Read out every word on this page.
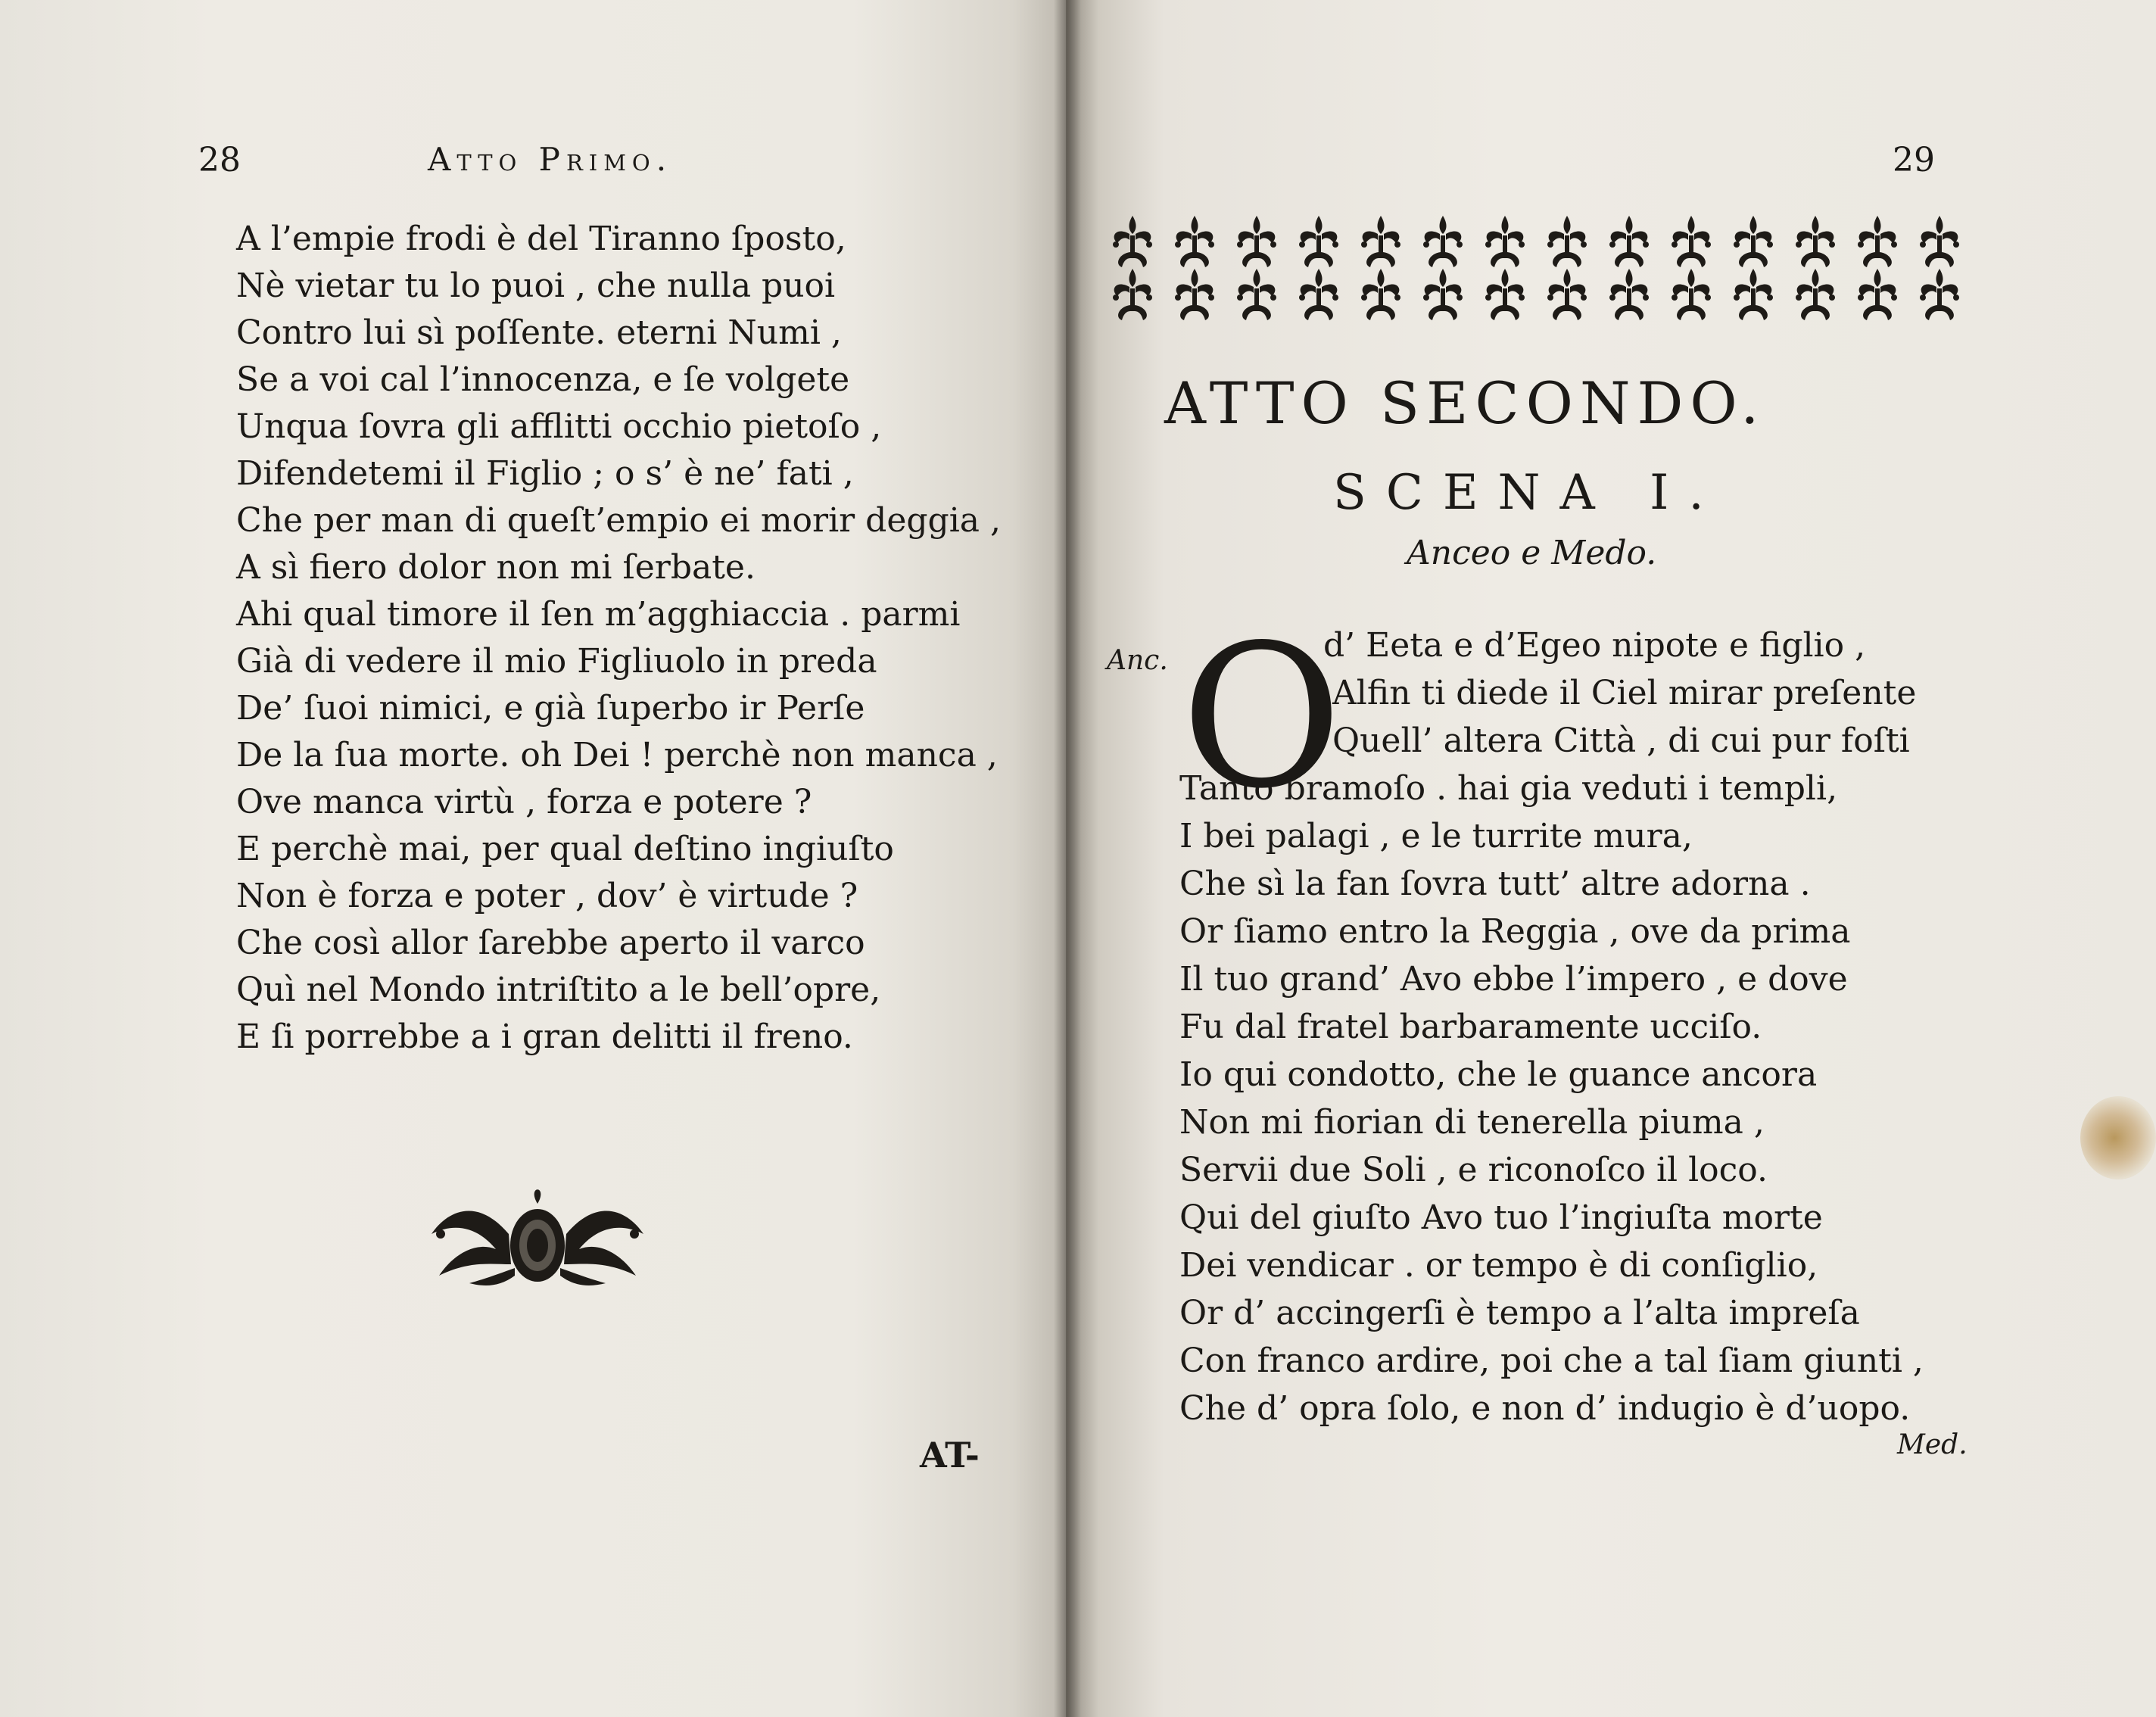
28	Atto Primo.
A l’empie frodi è del Tiranno ſposto,
Nè vietar tu lo puoi , che nulla puoi
Contro lui sì poſſente. eterni Numi ,
Se a voi cal l’innocenza, e ſe volgete
Unqua ſovra gli afflitti occhio pietoſo ,
Difendetemi il Figlio ; o s’ è ne’ fati ,
Che per man di queſt’empio ei morir deggia ,
A sì fiero dolor non mi ſerbate.
Ahi qual timore il ſen m’agghiaccia . parmi
Già di vedere il mio Figliuolo in preda
De’ ſuoi nimici, e già ſuperbo ir Perſe
De la ſua morte. oh Dei ! perchè non manca ,
Ove manca virtù , forza e potere ?
E perchè mai, per qual deſtino ingiuſto
Non è forza e poter , dov’ è virtude ?
Che così allor ſarebbe aperto il varco
Quì nel Mondo intriſtito a le bell’opre,
E ſi porrebbe a i gran delitti il freno.
AT-
29
ATTO SECONDO.
SCENA I.
Anceo e Medo.
Anc. O
d’ Eeta e d’Egeo nipote e figlio ,
Alfin ti diede il Ciel mirar preſente
Quell’ altera Città , di cui pur foſti
Tanto bramoſo . hai gia veduti i templi,
I bei palagi , e le turrite mura,
Che sì la fan ſovra tutt’ altre adorna .
Or ſiamo entro la Reggia , ove da prima
Il tuo grand’ Avo ebbe l’impero , e dove
Fu dal fratel barbaramente ucciſo.
Io qui condotto, che le guance ancora
Non mi fiorian di tenerella piuma ,
Servii due Soli , e riconoſco il loco.
Qui del giuſto Avo tuo l’ingiuſta morte
Dei vendicar . or tempo è di conſiglio,
Or d’ accingerſi è tempo a l’alta impreſa
Con franco ardire, poi che a tal ſiam giunti ,
Che d’ opra ſolo, e non d’ indugio è d’uopo.
Med.
